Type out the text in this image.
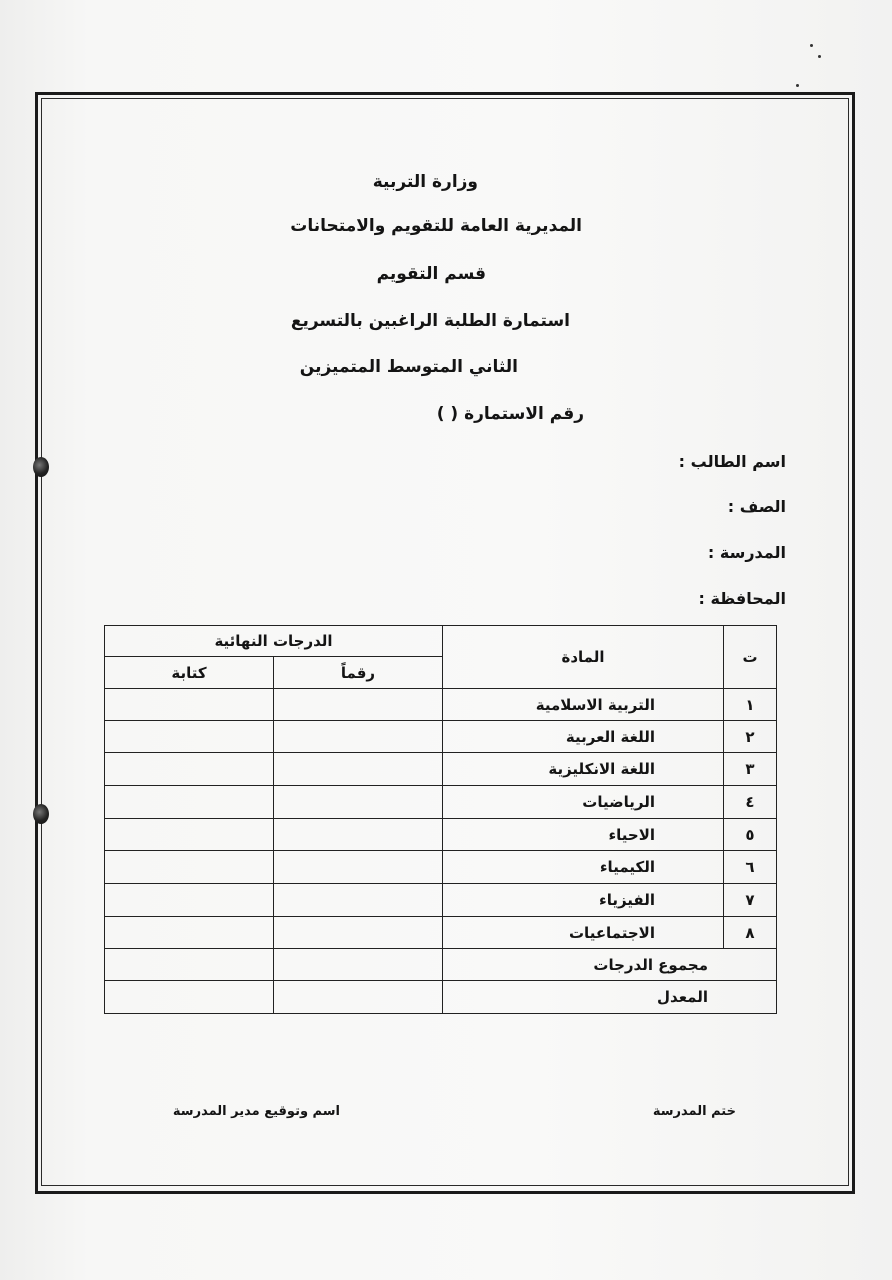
وزارة التربية
المديرية العامة للتقويم والامتحانات
قسم التقويم
استمارة الطلبة الراغبين بالتسريع
الثاني المتوسط المتميزين
رقم الاستمارة ( )
اسم الطالب :
الصف :
المدرسة :
المحافظة :
ت	المادة	الدرجات النهائية	
		رقماً	كتابة
١	التربية الاسلامية		
٢	اللغة العربية		
٣	اللغة الانكليزية		
٤	الرياضيات		
٥	الاحياء		
٦	الكيمياء		
٧	الفيزياء		
٨	الاجتماعيات		
مجموع الدرجات			
المعدل			
ختم المدرسة
اسم وتوقيع مدير المدرسة
